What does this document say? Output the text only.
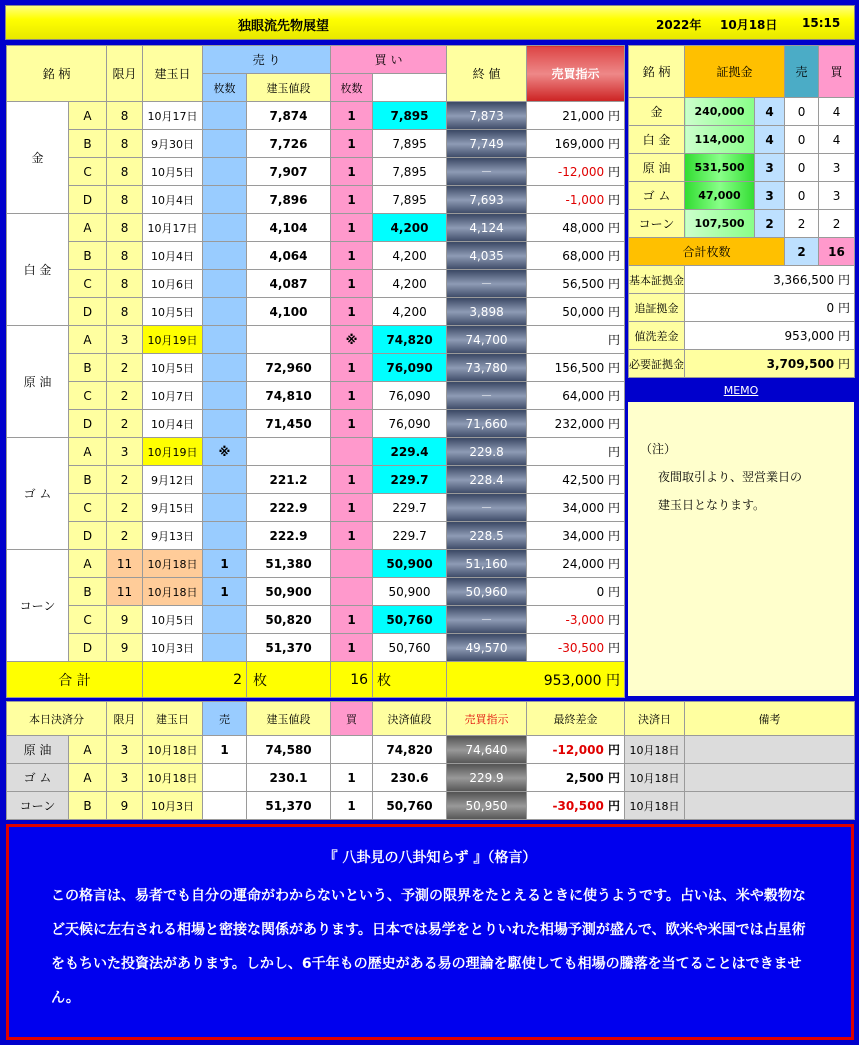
独眼流先物展望	2022年 10月18日 15:15
銘 柄		限月	建玉日	売 り		買 い		終 値	売買指示	
				枚数	建玉値段	枚数				
金	A	8	10月17日		7,874	1	7,895	7,873	21,000 円	
	B	8	9月30日		7,726	1	7,895	7,749	169,000 円	
	C	8	10月5日		7,907	1	7,895	－	-12,000 円	
	D	8	10月4日		7,896	1	7,895	7,693	-1,000 円	
白 金	A	8	10月17日		4,104	1	4,200	4,124	48,000 円	
	B	8	10月4日		4,064	1	4,200	4,035	68,000 円	
	C	8	10月6日		4,087	1	4,200	－	56,500 円	
	D	8	10月5日		4,100	1	4,200	3,898	50,000 円	
原 油	A	3	10月19日			※	74,820	74,700	円	
	B	2	10月5日		72,960	1	76,090	73,780	156,500 円	
	C	2	10月7日		74,810	1	76,090	－	64,000 円	
	D	2	10月4日		71,450	1	76,090	71,660	232,000 円	
ゴ ム	A	3	10月19日	※			229.4	229.8	円	
	B	2	9月12日		221.2	1	229.7	228.4	42,500 円	
	C	2	9月15日		222.9	1	229.7	－	34,000 円	
	D	2	9月13日		222.9	1	229.7	228.5	34,000 円	
コーン	A	11	10月18日	1	51,380		50,900	51,160	24,000 円	
	B	11	10月18日	1	50,900		50,900	50,960	0 円	
	C	9	10月5日		50,820	1	50,760	－	-3,000 円	
	D	9	10月3日		51,370	1	50,760	49,570	-30,500 円	
合 計			2		枚	16	枚	953,000 円		
銘 柄	証拠金		売	買
金	240,000	4	0	4
白 金	114,000	4	0	4
原 油	531,500	3	0	3
ゴ ム	47,000	3	0	3
コーン	107,500	2	2	2
合計枚数			2	16
基本証拠金	3,366,500 円			
追証拠金	0 円			
値洗差金	953,000 円			
必要証拠金	3,709,500 円			
MEMO
（注）
夜間取引より、翌営業日の
建玉日となります。
本日決済分		限月	建玉日	売	建玉値段	買	決済値段	売買指示	最終差金	決済日	備考
原 油	A	3	10月18日	1	74,580		74,820	74,640	-12,000 円	10月18日	
ゴ ム	A	3	10月18日		230.1	1	230.6	229.9	2,500 円	10月18日	
コーン	B	9	10月3日		51,370	1	50,760	50,950	-30,500 円	10月18日	
『 八卦見の八卦知らず 』（格言）
この格言は、易者でも自分の運命がわからないという、予測の限界をたとえるときに使うようです。占いは、米や穀物など天候に左右される相場と密接な関係があります。日本では易学をとりいれた相場予測が盛んで、欧米や米国では占星術をもちいた投資法があります。しかし、6千年もの歴史がある易の理論を駆使しても相場の騰落を当てることはできません。
